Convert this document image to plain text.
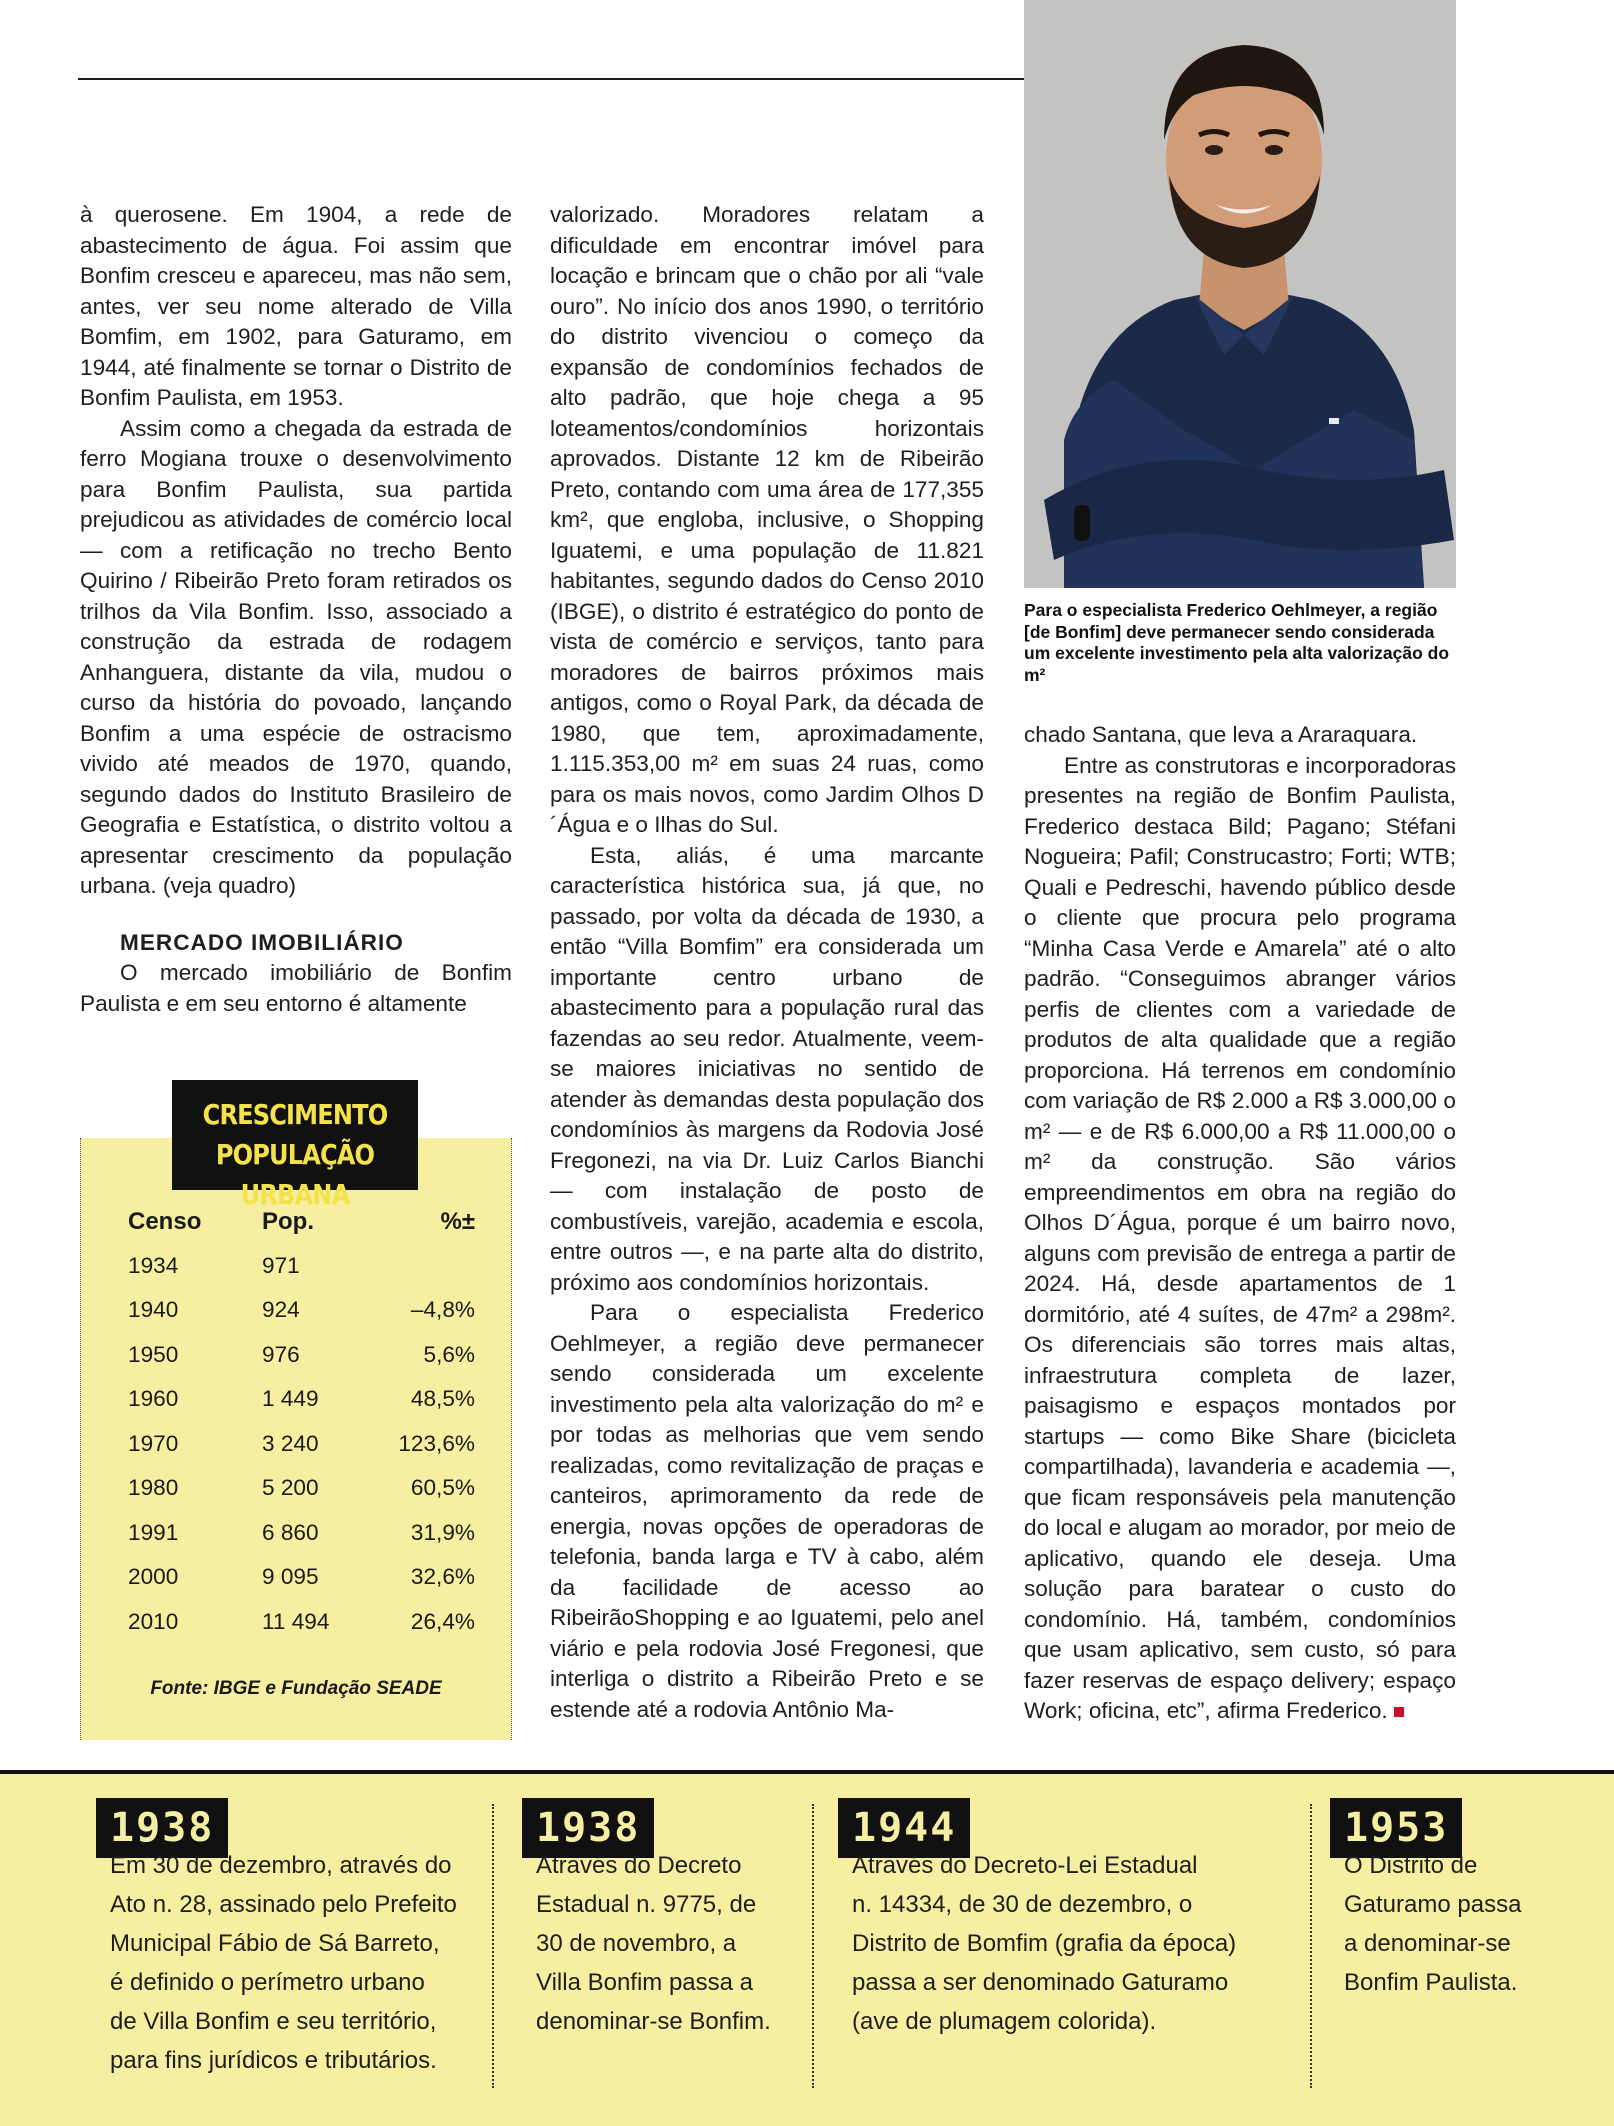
Para o especialista Frederico Oehlmeyer, a região [de Bonfim] deve permanecer sendo considerada um excelente investimento pela alta valorização do m²

à querosene. Em 1904, a rede de abastecimento de água. Foi assim que Bonfim cresceu e apareceu, mas não sem, antes, ver seu nome alterado de Villa Bomfim, em 1902, para Gaturamo, em 1944, até finalmente se tornar o Distrito de Bonfim Paulista, em 1953.

Assim como a chegada da estrada de ferro Mogiana trouxe o desenvolvimento para Bonfim Paulista, sua partida prejudicou as atividades de comércio local — com a retificação no trecho Bento Quirino / Ribeirão Preto foram retirados os trilhos da Vila Bonfim. Isso, associado a construção da estrada de rodagem Anhanguera, distante da vila, mudou o curso da história do povoado, lançando Bonfim a uma espécie de ostracismo vivido até meados de 1970, quando, segundo dados do Instituto Brasileiro de Geografia e Estatística, o distrito voltou a apresentar crescimento da população urbana. (veja quadro)

MERCADO IMOBILIÁRIO

O mercado imobiliário de Bonfim Paulista e em seu entorno é altamente

valorizado. Moradores relatam a dificuldade em encontrar imóvel para locação e brincam que o chão por ali “vale ouro”. No início dos anos 1990, o território do distrito vivenciou o começo da expansão de condomínios fechados de alto padrão, que hoje chega a 95 loteamentos/condomínios horizontais aprovados. Distante 12 km de Ribeirão Preto, contando com uma área de 177,355 km², que engloba, inclusive, o Shopping Iguatemi, e uma população de 11.821 habitantes, segundo dados do Censo 2010 (IBGE), o distrito é estratégico do ponto de vista de comércio e serviços, tanto para moradores de bairros próximos mais antigos, como o Royal Park, da década de 1980, que tem, aproximadamente, 1.115.353,00 m² em suas 24 ruas, como para os mais novos, como Jardim Olhos D´Água e o Ilhas do Sul.

Esta, aliás, é uma marcante característica histórica sua, já que, no passado, por volta da década de 1930, a então “Villa Bomfim” era considerada um importante centro urbano de abastecimento para a população rural das fazendas ao seu redor. Atualmente, veem-se maiores iniciativas no sentido de atender às demandas desta população dos condomínios às margens da Rodovia José Fregonezi, na via Dr. Luiz Carlos Bianchi — com instalação de posto de combustíveis, varejão, academia e escola, entre outros —, e na parte alta do distrito, próximo aos condomínios horizontais.

Para o especialista Frederico Oehlmeyer, a região deve permanecer sendo considerada um excelente investimento pela alta valorização do m² e por todas as melhorias que vem sendo realizadas, como revitalização de praças e canteiros, aprimoramento da rede de energia, novas opções de operadoras de telefonia, banda larga e TV à cabo, além da facilidade de acesso ao RibeirãoShopping e ao Iguatemi, pelo anel viário e pela rodovia José Fregonesi, que interliga o distrito a Ribeirão Preto e se estende até a rodovia Antônio Ma-

chado Santana, que leva a Araraquara.

Entre as construtoras e incorporadoras presentes na região de Bonfim Paulista, Frederico destaca Bild; Pagano; Stéfani Nogueira; Pafil; Construcastro; Forti; WTB; Quali e Pedreschi, havendo público desde o cliente que procura pelo programa “Minha Casa Verde e Amarela” até o alto padrão. “Conseguimos abranger vários perfis de clientes com a variedade de produtos de alta qualidade que a região proporciona. Há terrenos em condomínio com variação de R$ 2.000 a R$ 3.000,00 o m² — e de R$ 6.000,00 a R$ 11.000,00 o m² da construção. São vários empreendimentos em obra na região do Olhos D´Água, porque é um bairro novo, alguns com previsão de entrega a partir de 2024. Há, desde apartamentos de 1 dormitório, até 4 suítes, de 47m² a 298m². Os diferenciais são torres mais altas, infraestrutura completa de lazer, paisagismo e espaços montados por startups — como Bike Share (bicicleta compartilhada), lavanderia e academia —, que ficam responsáveis pela manutenção do local e alugam ao morador, por meio de aplicativo, quando ele deseja. Uma solução para baratear o custo do condomínio. Há, também, condomínios que usam aplicativo, sem custo, só para fazer reservas de espaço delivery; espaço Work; oficina, etc”, afirma Frederico.

CRESCIMENTO
POPULAÇÃO URBANA
Censo	Pop.	%±
1934	971
1940	924	–4,8%
1950	976	5,6%
1960	1 449	48,5%
1970	3 240	123,6%
1980	5 200	60,5%
1991	6 860	31,9%
2000	9 095	32,6%
2010	11 494	26,4%
Fonte: IBGE e Fundação SEADE
1938
Em 30 de dezembro, através do
Ato n. 28, assinado pelo Prefeito
Municipal Fábio de Sá Barreto,
é definido o perímetro urbano
de Villa Bonfim e seu território,
para fins jurídicos e tributários.
1938
Através do Decreto
Estadual n. 9775, de
30 de novembro, a
Villa Bonfim passa a
denominar-se Bonfim.
1944
Através do Decreto-Lei Estadual
n. 14334, de 30 de dezembro, o
Distrito de Bomfim (grafia da época)
passa a ser denominado Gaturamo
(ave de plumagem colorida).
1953
O Distrito de
Gaturamo passa
a denominar-se
Bonfim Paulista.
